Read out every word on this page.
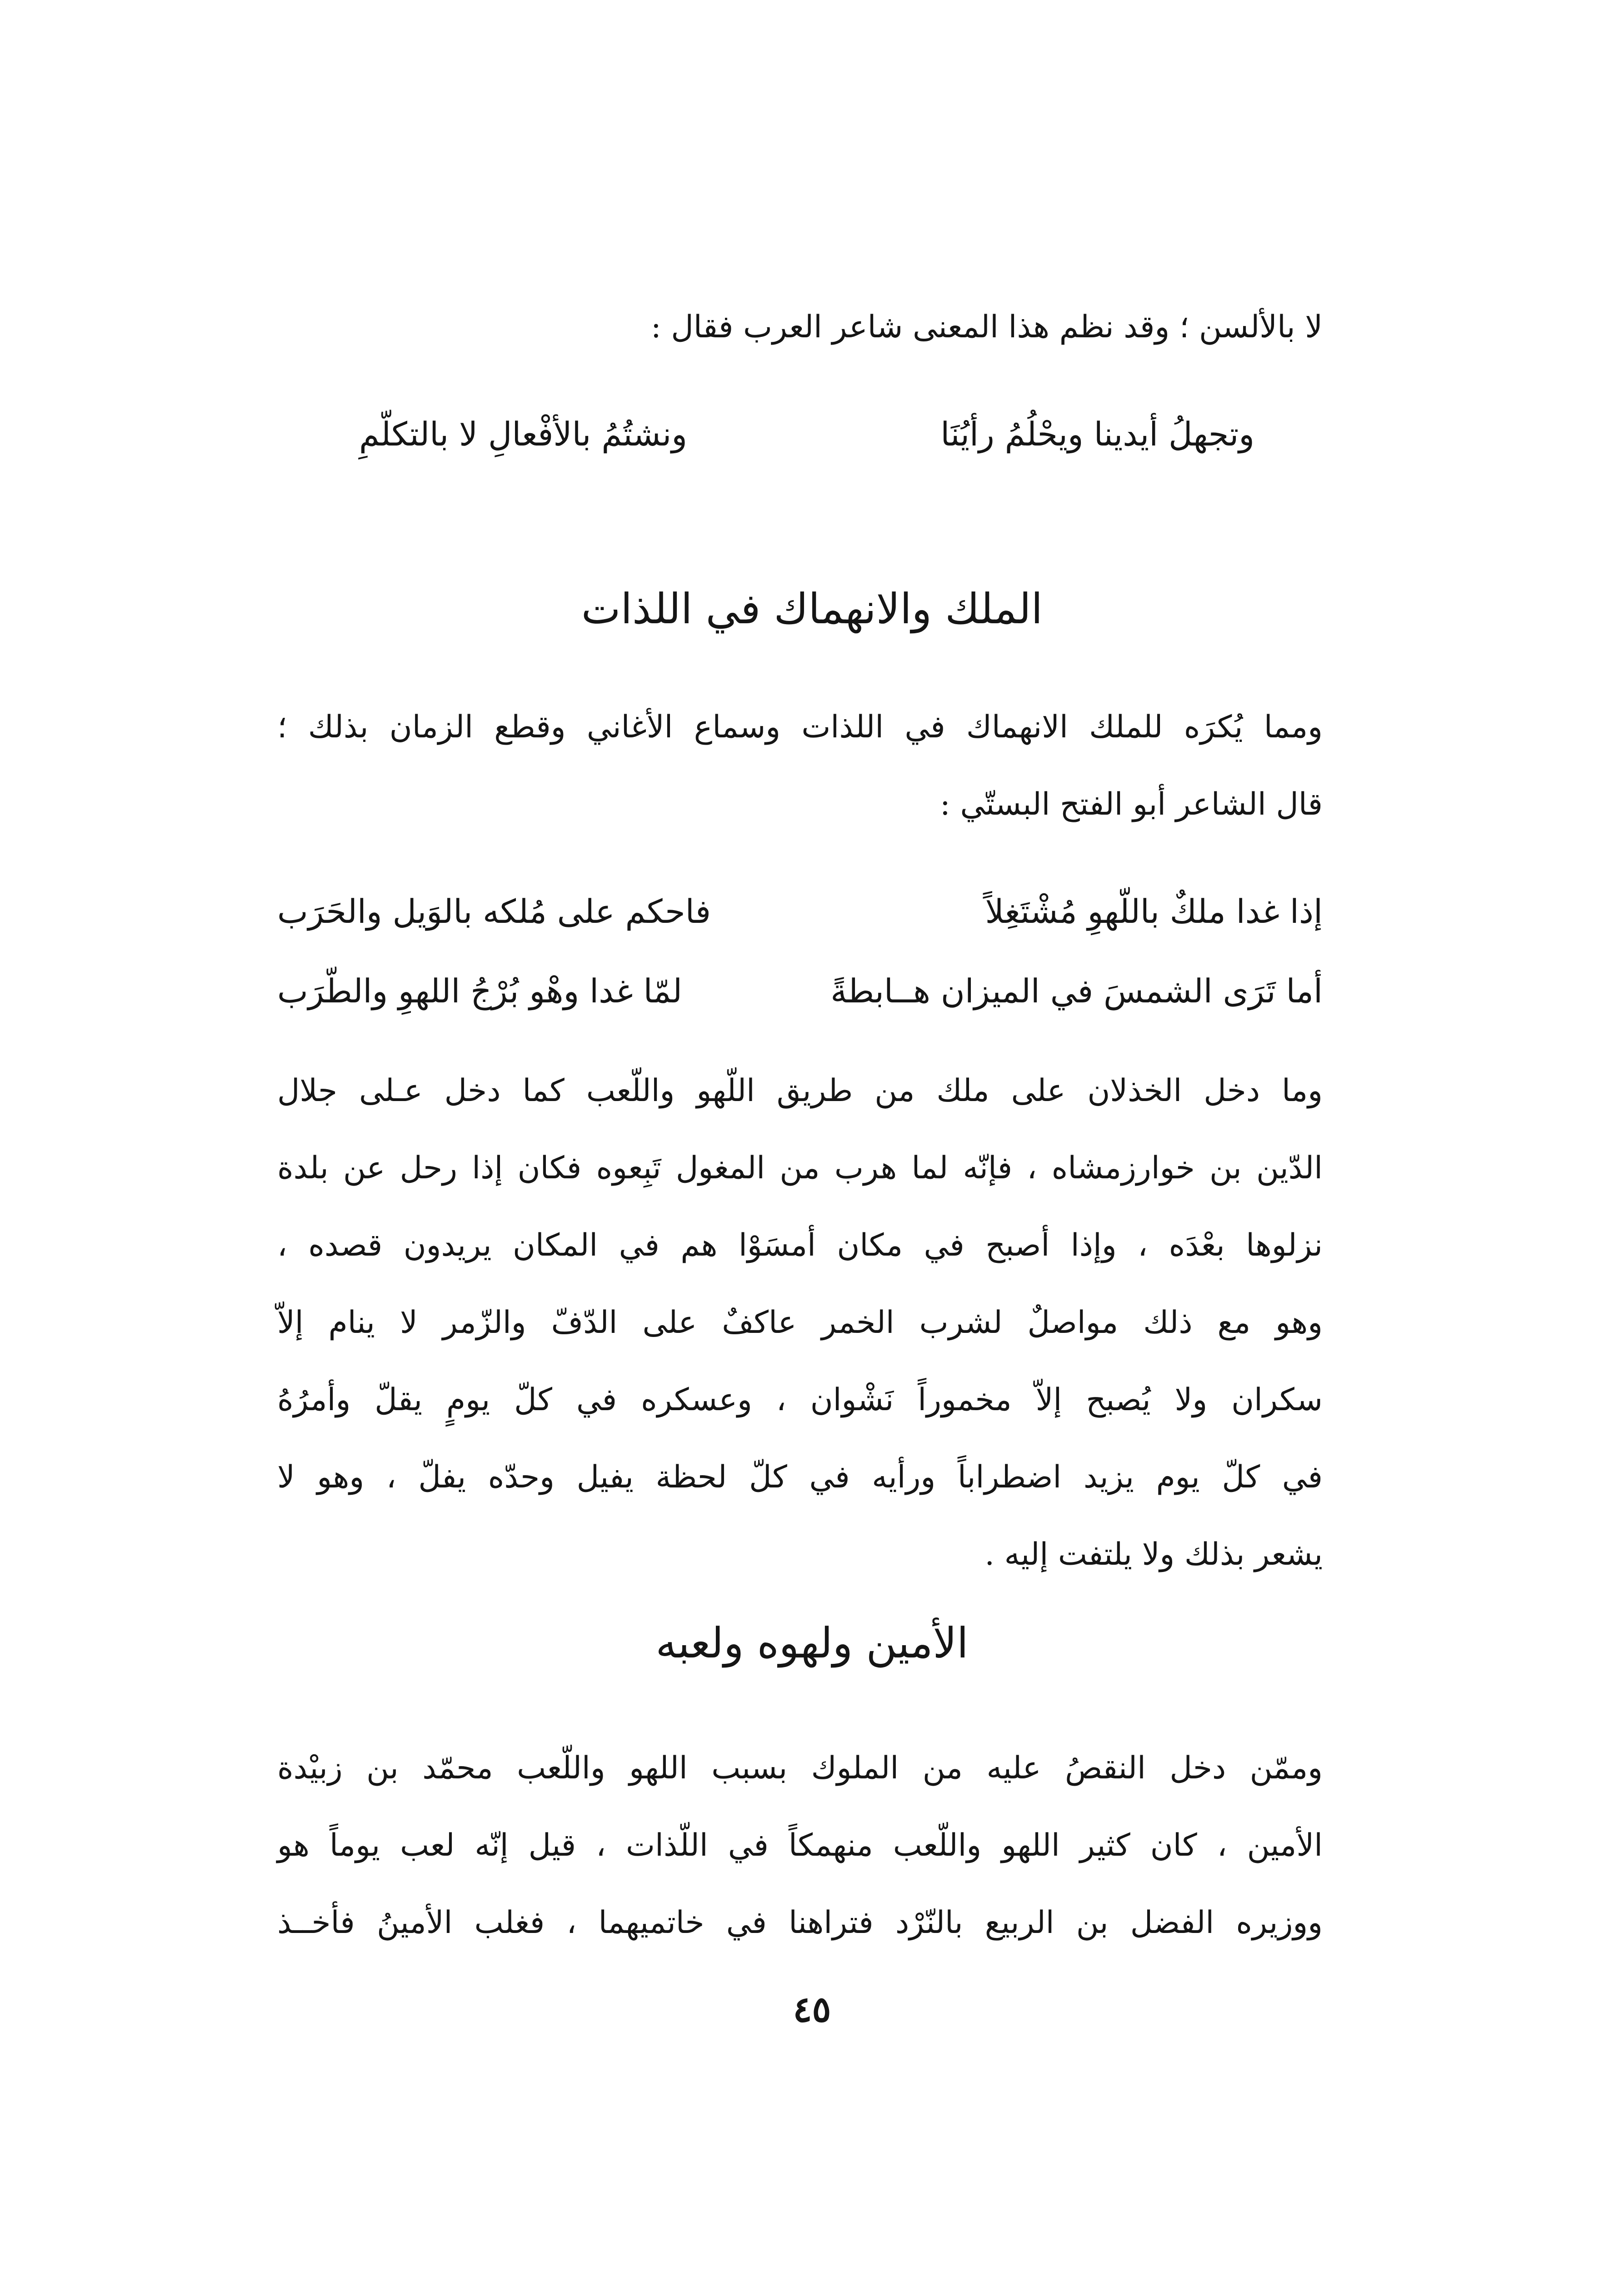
لا بالألسن ؛ وقد نظم هذا المعنى شاعر العرب فقال :
وتجهلُ أيدينا ويحْلُمُ رأيُنَا
ونشتُمُ بالأفْعالِ لا بالتكلّمِ
الملك والانهماك في اللذات
ومما يُكرَه للملك الانهماك في اللذات وسماع الأغاني وقطع الزمان بذلك ؛
قال الشاعر أبو الفتح البستّي :
إذا غدا ملكٌ باللّهوِ مُشْتَغِلاً
فاحكم على مُلكه بالوَيل والحَرَب
أما تَرَى الشمسَ في الميزان هــابطةً
لمّا غدا وهْو بُرْجُ اللهوِ والطّرَب
وما دخل الخذلان على ملك من طريق اللّهو واللّعب كما دخل عـلى جلال
الدّين بن خوارزمشاه ، فإنّه لما هرب من المغول تَبِعوه فكان إذا رحل عن بلدة
نزلوها بعْدَه ، وإذا أصبح في مكان أمسَوْا هم في المكان يريدون قصده ،
وهو مع ذلك مواصلٌ لشرب الخمر عاكفٌ على الدّفّ والزّمر لا ينام إلاّ
سكران ولا يُصبح إلاّ مخموراً نَشْوان ، وعسكره في كلّ يومٍ يقلّ وأمرُهُ
في كلّ يوم يزيد اضطراباً ورأيه في كلّ لحظة يفيل وحدّه يفلّ ، وهو لا
يشعر بذلك ولا يلتفت إليه .
الأمين ولهوه ولعبه
وممّن دخل النقصُ عليه من الملوك بسبب اللهو واللّعب محمّد بن زبيْدة
الأمين ، كان كثير اللهو واللّعب منهمكاً في اللّذات ، قيل إنّه لعب يوماً هو
ووزيره الفضل بن الربيع بالنّرْد فتراهنا في خاتميهما ، فغلب الأمينُ فأخــذ
٤٥
